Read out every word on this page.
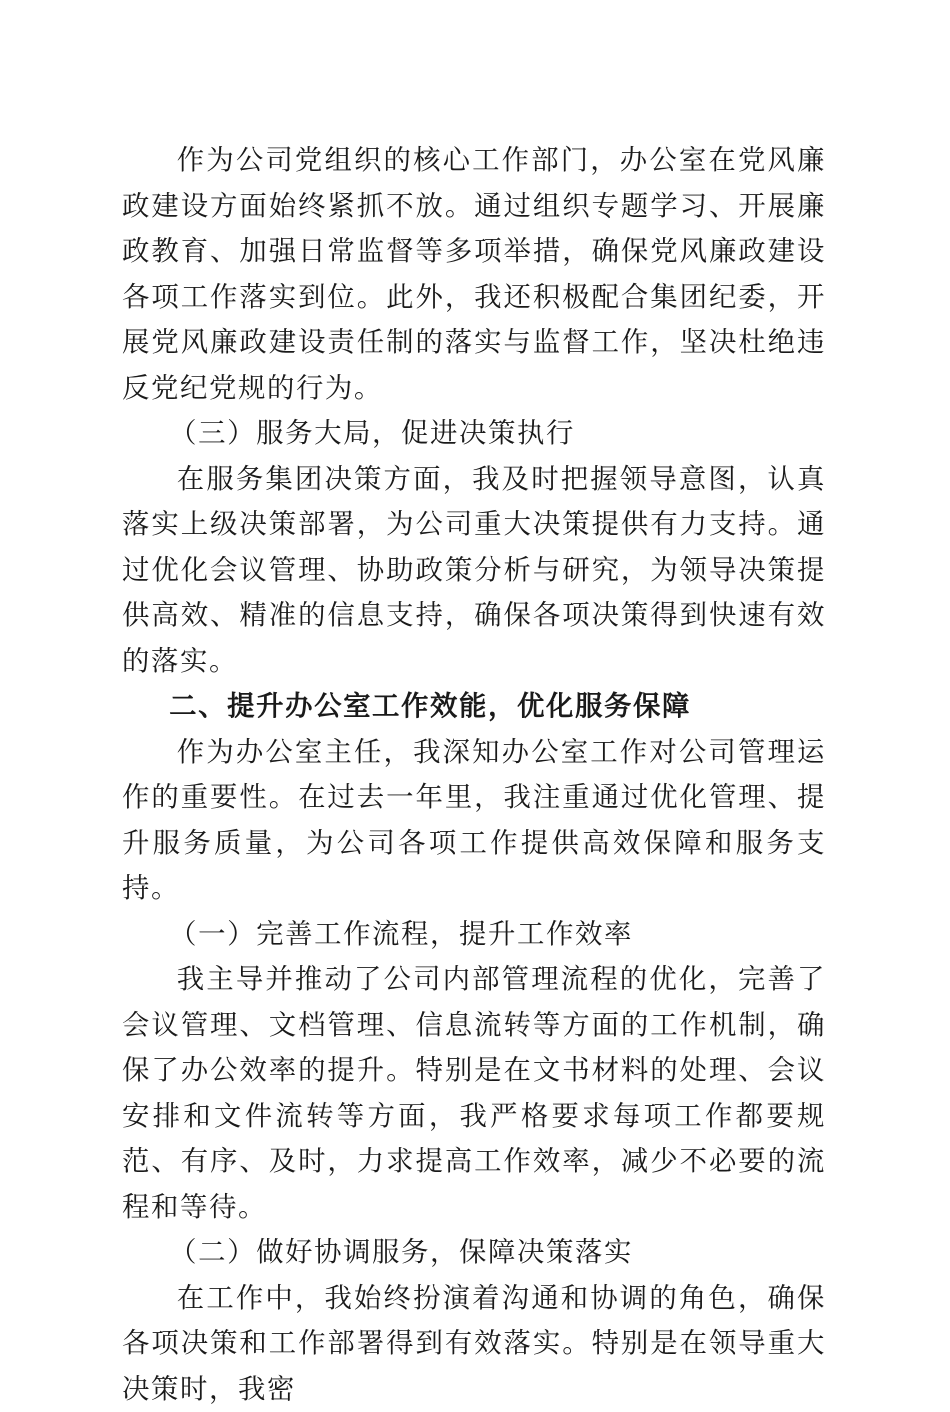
作为公司党组织的核心工作部门，办公室在党风廉政建设方面始终紧抓不放。通过组织专题学习、开展廉政教育、加强日常监督等多项举措，确保党风廉政建设各项工作落实到位。此外，我还积极配合集团纪委，开展党风廉政建设责任制的落实与监督工作，坚决杜绝违反党纪党规的行为。

（三）服务大局，促进决策执行

在服务集团决策方面，我及时把握领导意图，认真落实上级决策部署，为公司重大决策提供有力支持。通过优化会议管理、协助政策分析与研究，为领导决策提供高效、精准的信息支持，确保各项决策得到快速有效的落实。

二、提升办公室工作效能，优化服务保障

作为办公室主任，我深知办公室工作对公司管理运作的重要性。在过去一年里，我注重通过优化管理、提升服务质量，为公司各项工作提供高效保障和服务支持。

（一）完善工作流程，提升工作效率

我主导并推动了公司内部管理流程的优化，完善了会议管理、文档管理、信息流转等方面的工作机制，确保了办公效率的提升。特别是在文书材料的处理、会议安排和文件流转等方面，我严格要求每项工作都要规范、有序、及时，力求提高工作效率，减少不必要的流程和等待。

（二）做好协调服务，保障决策落实

在工作中，我始终扮演着沟通和协调的角色，确保各项决策和工作部署得到有效落实。特别是在领导重大决策时，我密
